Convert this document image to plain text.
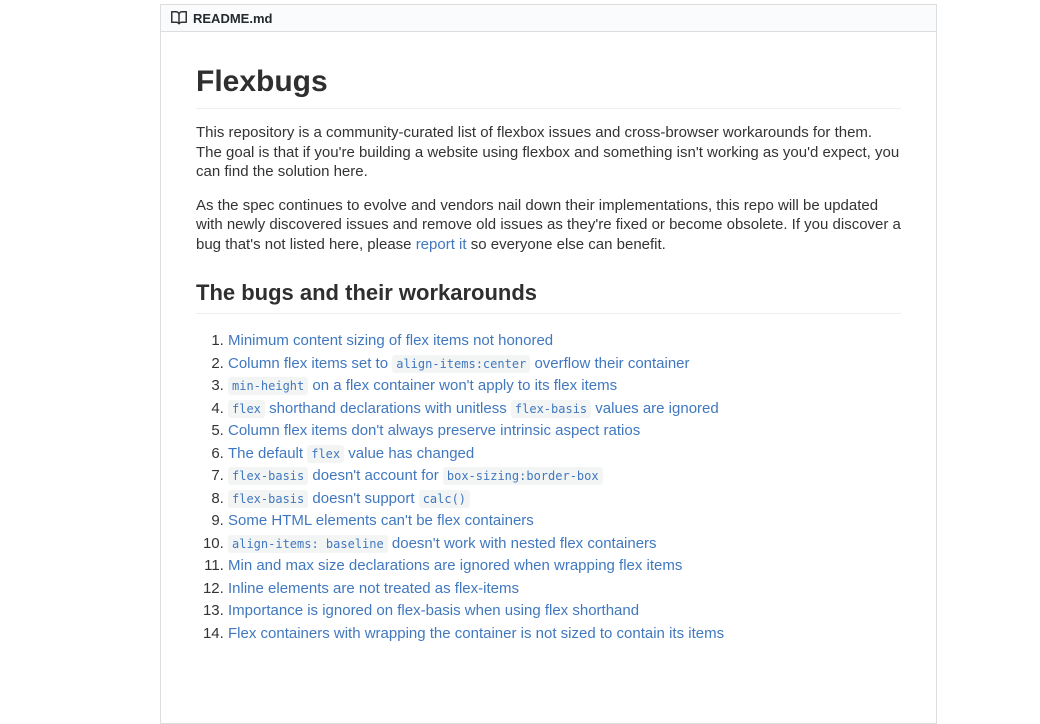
README.md
Flexbugs

This repository is a community-curated list of flexbox issues and cross-browser workarounds for them. The goal is that if you're building a website using flexbox and something isn't working as you'd expect, you can find the solution here.

As the spec continues to evolve and vendors nail down their implementations, this repo will be updated with newly discovered issues and remove old issues as they're fixed or become obsolete. If you discover a bug that's not listed here, please report it so everyone else can benefit.

The bugs and their workarounds
1. Minimum content sizing of flex items not honored
2. Column flex items set to align-items:center overflow their container
3. min-height on a flex container won't apply to its flex items
4. flex shorthand declarations with unitless flex-basis values are ignored
5. Column flex items don't always preserve intrinsic aspect ratios
6. The default flex value has changed
7. flex-basis doesn't account for box-sizing:border-box
8. flex-basis doesn't support calc()
9. Some HTML elements can't be flex containers
10. align-items: baseline doesn't work with nested flex containers
11. Min and max size declarations are ignored when wrapping flex items
12. Inline elements are not treated as flex-items
13. Importance is ignored on flex-basis when using flex shorthand
14. Flex containers with wrapping the container is not sized to contain its items
